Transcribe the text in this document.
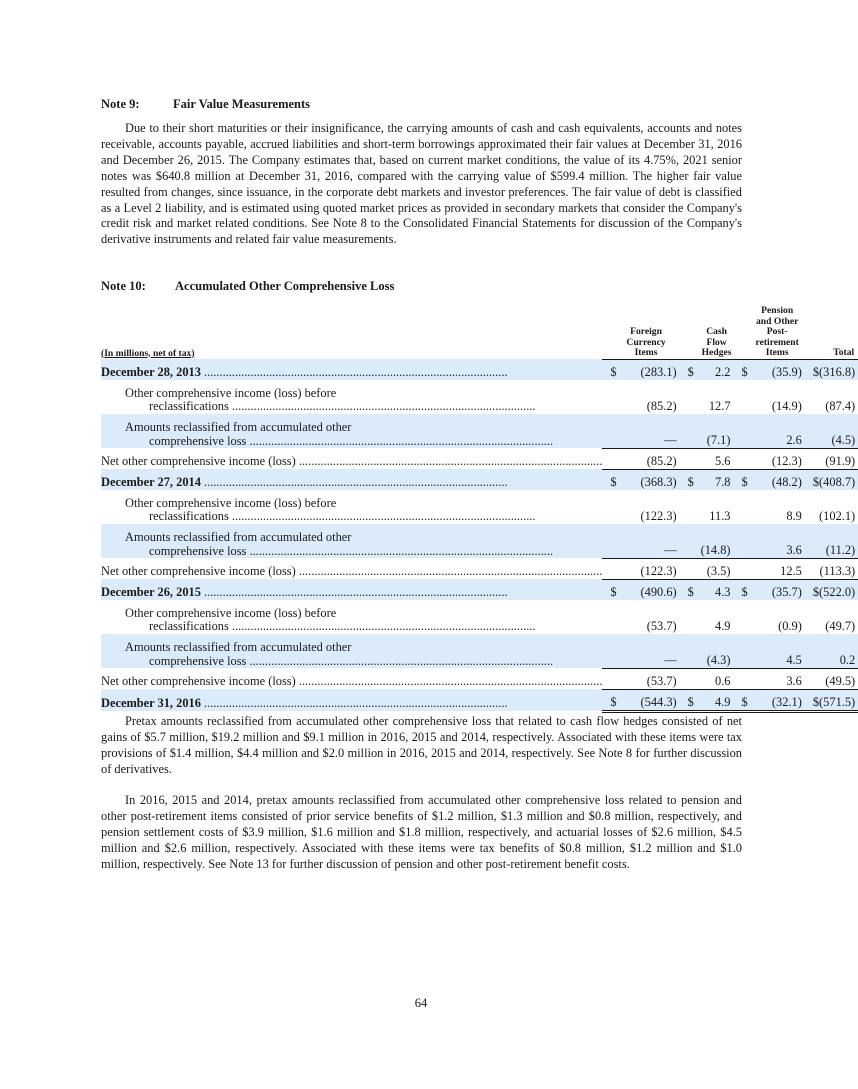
Note 9:	Fair Value Measurements

Due to their short maturities or their insignificance, the carrying amounts of cash and cash equivalents, accounts and notes receivable, accounts payable, accrued liabilities and short-term borrowings approximated their fair values at December 31, 2016 and December 26, 2015. The Company estimates that, based on current market conditions, the value of its 4.75%, 2021 senior notes was $640.8 million at December 31, 2016, compared with the carrying value of $599.4 million. The higher fair value resulted from changes, since issuance, in the corporate debt markets and investor preferences. The fair value of debt is classified as a Level 2 liability, and is estimated using quoted market prices as provided in secondary markets that consider the Company's credit risk and market related conditions. See Note 8 to the Consolidated Financial Statements for discussion of the Company's derivative instruments and related fair value measurements.

Note 10: Accumulated Other Comprehensive Loss
(In millions, net of tax)	Foreign Currency Items		Cash Flow Hedges		Pension and Other Post-retirement Items		Total	

December 28, 2013 ..................................................................................................	$	(283.1)	$	2.2	$	(35.9)	$	(316.8)

Other comprehensive income (loss) before
reclassifications ..................................................................................................		(85.2)		12.7		(14.9)		(87.4)

Amounts reclassified from accumulated other
comprehensive loss ..................................................................................................		—		(7.1)		2.6		(4.5)

Net other comprehensive income (loss) ..................................................................................................		(85.2)		5.6		(12.3)		(91.9)

December 27, 2014 ..................................................................................................	$	(368.3)	$	7.8	$	(48.2)	$	(408.7)

Other comprehensive income (loss) before
reclassifications ..................................................................................................		(122.3)		11.3		8.9		(102.1)

Amounts reclassified from accumulated other
comprehensive loss ..................................................................................................		—		(14.8)		3.6		(11.2)

Net other comprehensive income (loss) ..................................................................................................		(122.3)		(3.5)		12.5		(113.3)

December 26, 2015 ..................................................................................................	$	(490.6)	$	4.3	$	(35.7)	$	(522.0)

Other comprehensive income (loss) before
reclassifications ..................................................................................................		(53.7)		4.9		(0.9)		(49.7)

Amounts reclassified from accumulated other
comprehensive loss ..................................................................................................		—		(4.3)		4.5		0.2

Net other comprehensive income (loss) ..................................................................................................		(53.7)		0.6		3.6		(49.5)

December 31, 2016 ..................................................................................................	$	(544.3)	$	4.9	$	(32.1)	$	(571.5)

Pretax amounts reclassified from accumulated other comprehensive loss that related to cash flow hedges consisted of net gains of $5.7 million, $19.2 million and $9.1 million in 2016, 2015 and 2014, respectively. Associated with these items were tax provisions of $1.4 million, $4.4 million and $2.0 million in 2016, 2015 and 2014, respectively. See Note 8 for further discussion of derivatives.

In 2016, 2015 and 2014, pretax amounts reclassified from accumulated other comprehensive loss related to pension and other post-retirement items consisted of prior service benefits of $1.2 million, $1.3 million and $0.8 million, respectively, and pension settlement costs of $3.9 million, $1.6 million and $1.8 million, respectively, and actuarial losses of $2.6 million, $4.5 million and $2.6 million, respectively. Associated with these items were tax benefits of $0.8 million, $1.2 million and $1.0 million, respectively. See Note 13 for further discussion of pension and other post-retirement benefit costs.

64
